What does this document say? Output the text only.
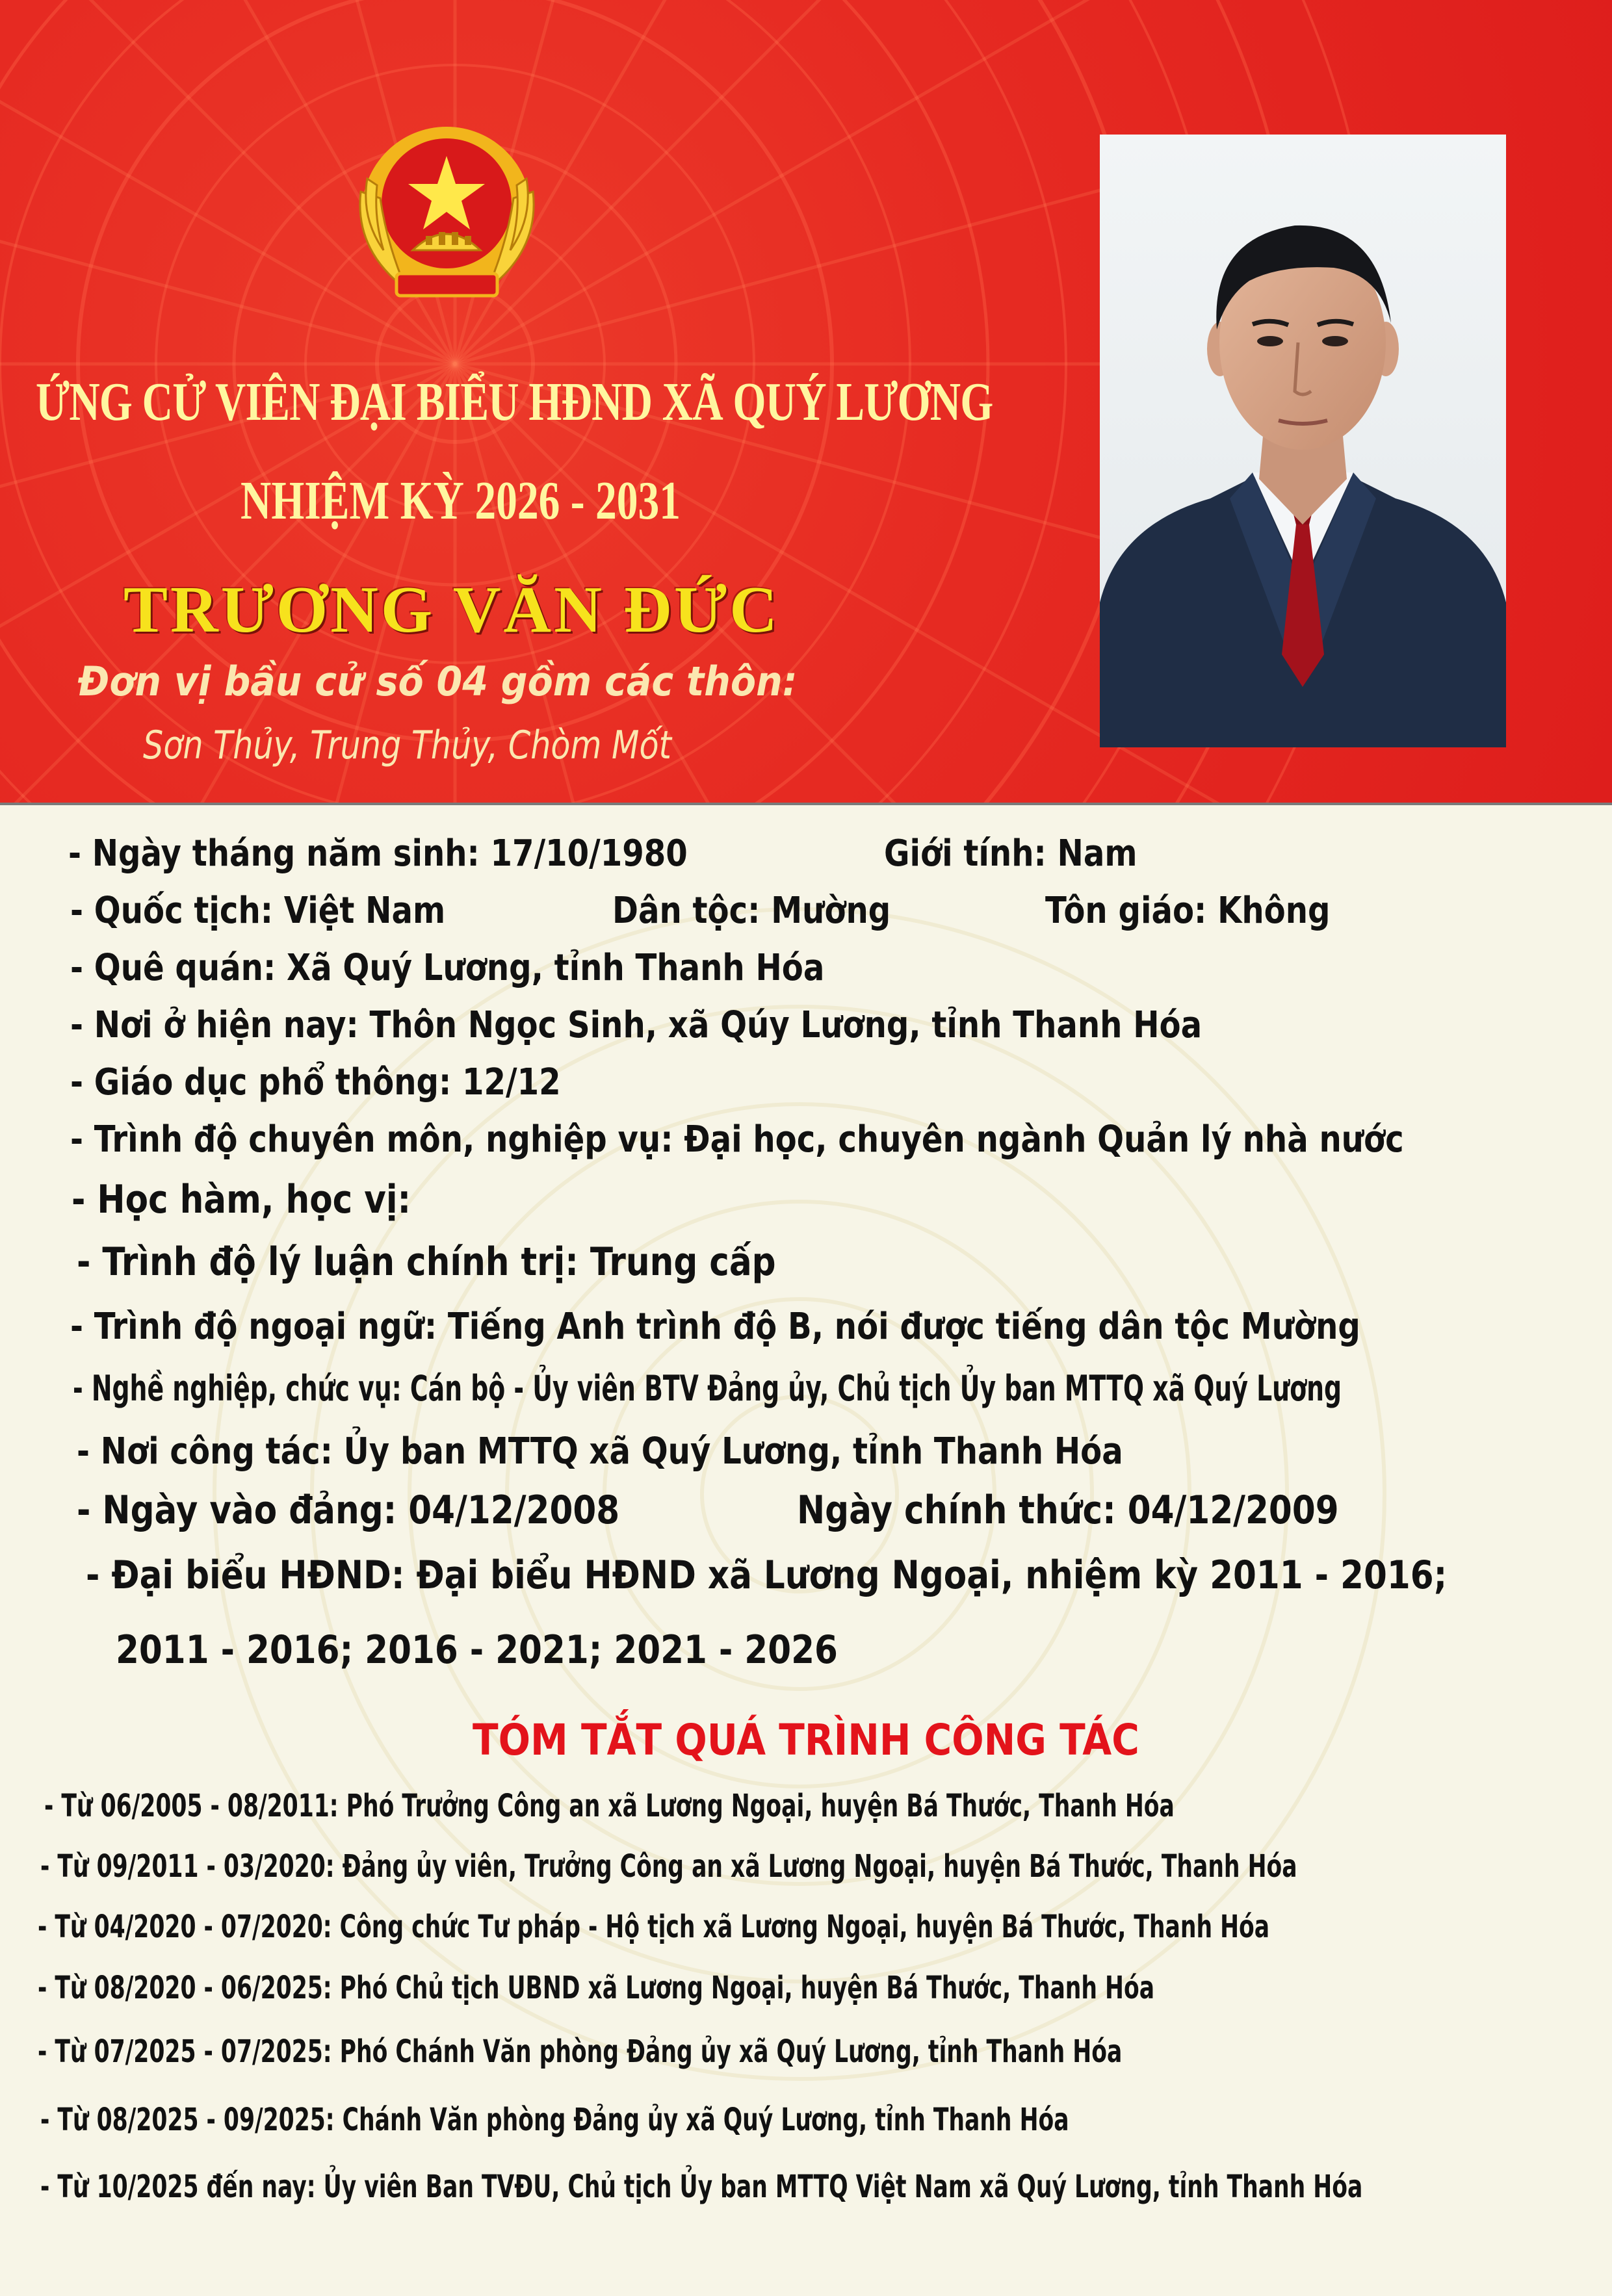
ỨNG CỬ VIÊN ĐẠI BIỂU HĐND XÃ QUÝ LƯƠNG
NHIỆM KỲ 2026 - 2031
TRƯƠNG VĂN ĐỨC
Đơn vị bầu cử số 04 gồm các thôn:
Sơn Thủy, Trung Thủy, Chòm Mốt
- Ngày tháng năm sinh: 17/10/1980	Giới tính: Nam
- Quốc tịch: Việt Nam	Dân tộc: Mường	Tôn giáo: Không
- Quê quán: Xã Quý Lương, tỉnh Thanh Hóa
- Nơi ở hiện nay: Thôn Ngọc Sinh, xã Qúy Lương, tỉnh Thanh Hóa
- Giáo dục phổ thông: 12/12
- Trình độ chuyên môn, nghiệp vụ: Đại học, chuyên ngành Quản lý nhà nước
- Học hàm, học vị:
- Trình độ lý luận chính trị: Trung cấp
- Trình độ ngoại ngữ: Tiếng Anh trình độ B, nói được tiếng dân tộc Mường
- Nghề nghiệp, chức vụ: Cán bộ - Ủy viên BTV Đảng ủy, Chủ tịch Ủy ban MTTQ xã Quý Lương
- Nơi công tác: Ủy ban MTTQ xã Quý Lương, tỉnh Thanh Hóa
- Ngày vào đảng: 04/12/2008	Ngày chính thức: 04/12/2009
- Đại biểu HĐND: Đại biểu HĐND xã Lương Ngoại, nhiệm kỳ 2011 - 2016;
2011 - 2016; 2016 - 2021; 2021 - 2026
TÓM TẮT QUÁ TRÌNH CÔNG TÁC
- Từ 06/2005 - 08/2011: Phó Trưởng Công an xã Lương Ngoại, huyện Bá Thước, Thanh Hóa
- Từ 09/2011 - 03/2020: Đảng ủy viên, Trưởng Công an xã Lương Ngoại, huyện Bá Thước, Thanh Hóa
- Từ 04/2020 - 07/2020: Công chức Tư pháp - Hộ tịch xã Lương Ngoại, huyện Bá Thước, Thanh Hóa
- Từ 08/2020 - 06/2025: Phó Chủ tịch UBND xã Lương Ngoại, huyện Bá Thước, Thanh Hóa
- Từ 07/2025 - 07/2025: Phó Chánh Văn phòng Đảng ủy xã Quý Lương, tỉnh Thanh Hóa
- Từ 08/2025 - 09/2025: Chánh Văn phòng Đảng ủy xã Quý Lương, tỉnh Thanh Hóa
- Từ 10/2025 đến nay: Ủy viên Ban TVĐU, Chủ tịch Ủy ban MTTQ Việt Nam xã Quý Lương, tỉnh Thanh Hóa
